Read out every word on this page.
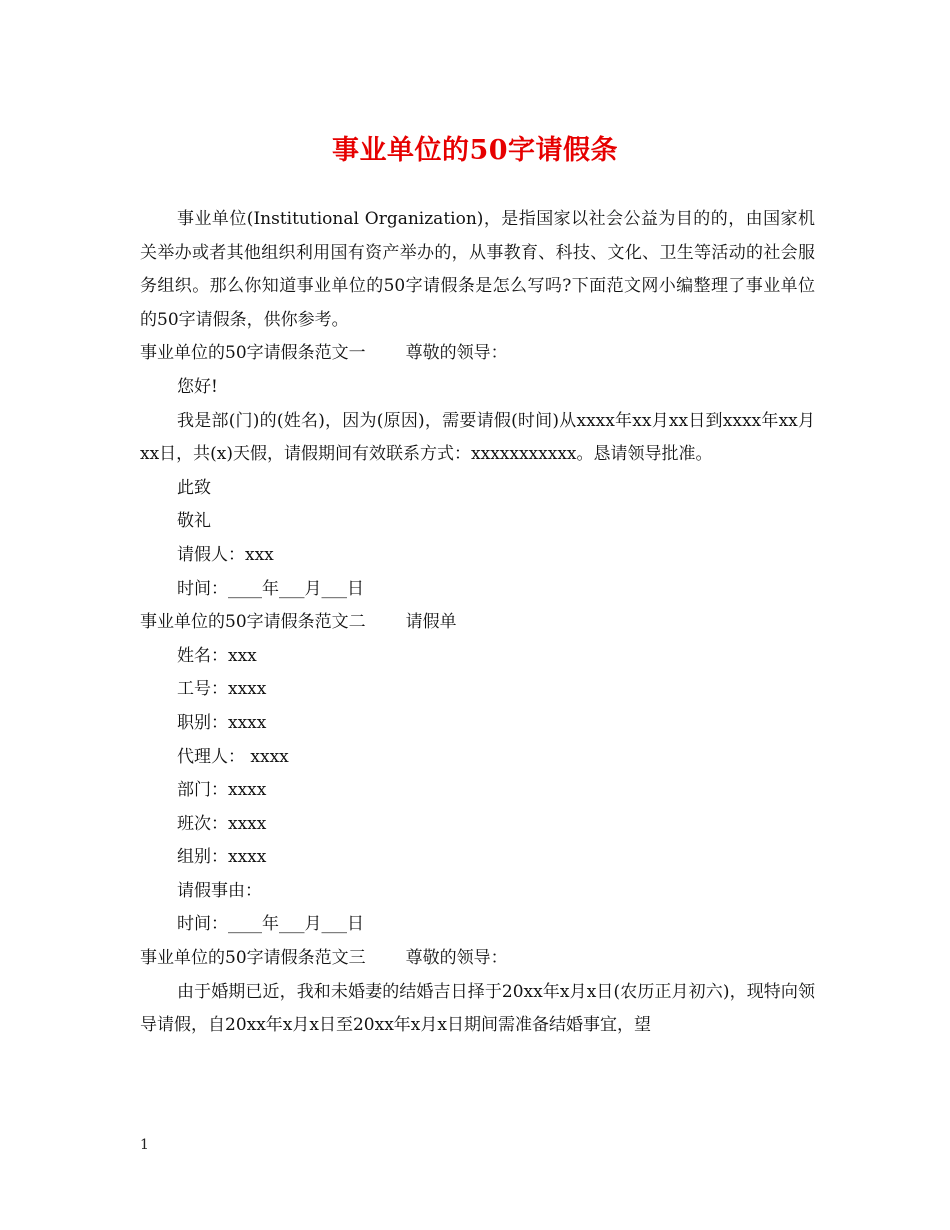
事业单位的50字请假条

事业单位(Institutional Organization)，是指国家以社会公益为目的的，由国家机关举办或者其他组织利用国有资产举办的，从事教育、科技、文化、卫生等活动的社会服务组织。那么你知道事业单位的50字请假条是怎么写吗?下面范文网小编整理了事业单位的50字请假条，供你参考。

事业单位的50字请假条范文一 尊敬的领导：
您好!

我是部(门)的(姓名)，因为(原因)，需要请假(时间)从xxxx年xx月xx日到xxxx年xx月xx日，共(x)天假，请假期间有效联系方式：xxxxxxxxxxx。恳请领导批准。

此致
敬礼
请假人：xxx
时间：____年___月___日
事业单位的50字请假条范文二 请假单
姓名：xxx
工号：xxxx
职别：xxxx
代理人： xxxx
部门：xxxx
班次：xxxx
组别：xxxx
请假事由：
时间：____年___月___日
事业单位的50字请假条范文三 尊敬的领导：

由于婚期已近，我和未婚妻的结婚吉日择于20xx年x月x日(农历正月初六)，现特向领导请假，自20xx年x月x日至20xx年x月x日期间需准备结婚事宜，望

1
